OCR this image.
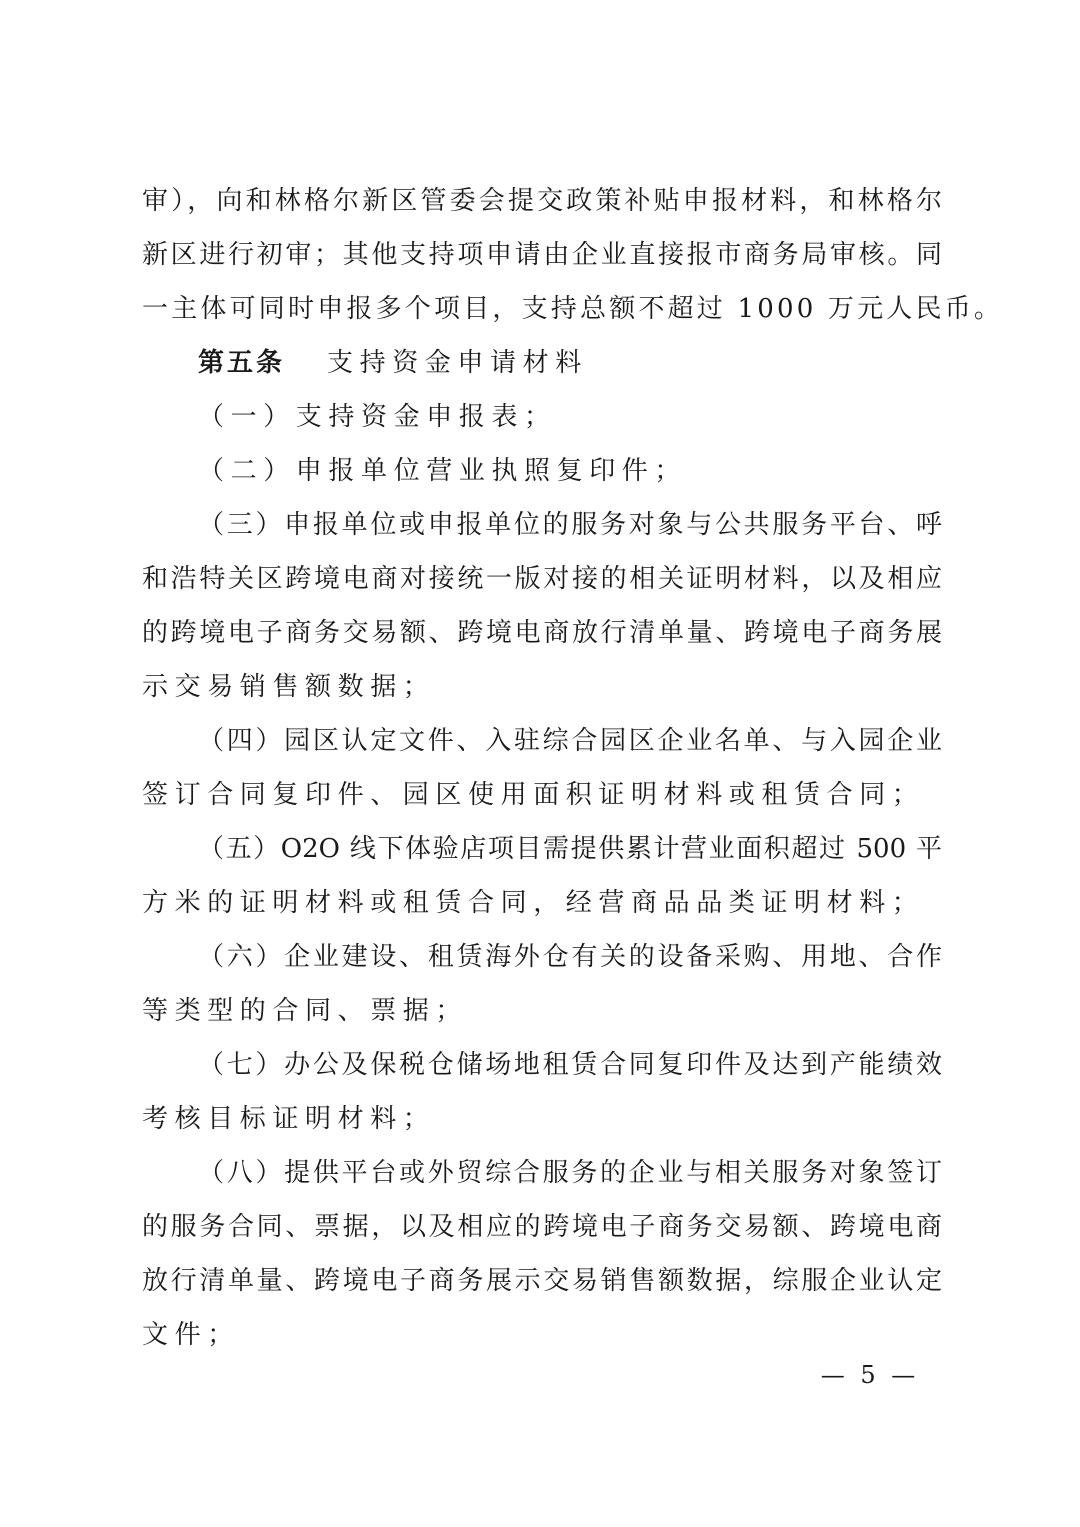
审），向和林格尔新区管委会提交政策补贴申报材料，和林格尔
新区进行初审；其他支持项申请由企业直接报市商务局审核。同
一主体可同时申报多个项目，支持总额不超过 1000 万元人民币。
第五条 支持资金申请材料
（一）支持资金申报表；
（二）申报单位营业执照复印件；
（三）申报单位或申报单位的服务对象与公共服务平台、呼
和浩特关区跨境电商对接统一版对接的相关证明材料，以及相应
的跨境电子商务交易额、跨境电商放行清单量、跨境电子商务展
示交易销售额数据；
（四）园区认定文件、入驻综合园区企业名单、与入园企业
签订合同复印件、园区使用面积证明材料或租赁合同；
（五）O2O 线下体验店项目需提供累计营业面积超过 500 平
方米的证明材料或租赁合同，经营商品品类证明材料；
（六）企业建设、租赁海外仓有关的设备采购、用地、合作
等类型的合同、票据；
（七）办公及保税仓储场地租赁合同复印件及达到产能绩效
考核目标证明材料；
（八）提供平台或外贸综合服务的企业与相关服务对象签订
的服务合同、票据，以及相应的跨境电子商务交易额、跨境电商
放行清单量、跨境电子商务展示交易销售额数据，综服企业认定
文件；
— 5 —
